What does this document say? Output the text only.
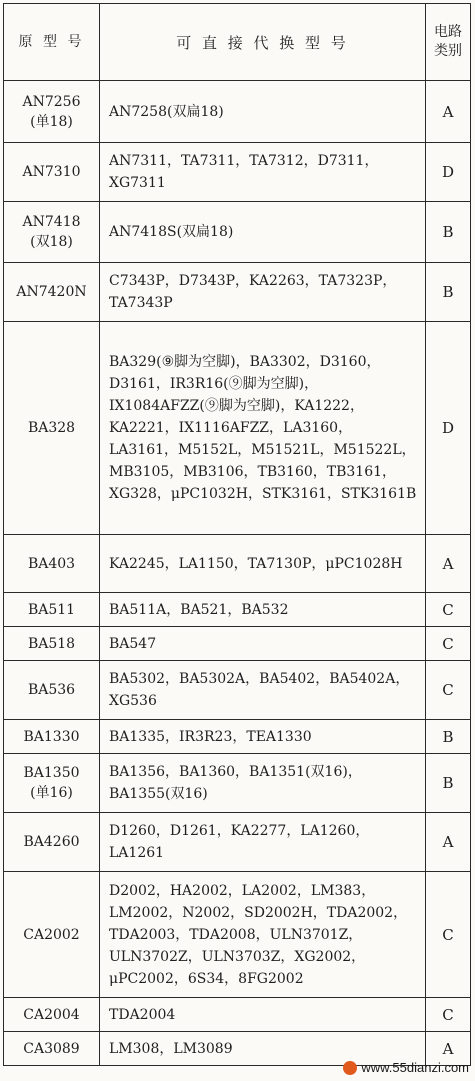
原 型 号	可 直 接 代 换 型 号	电路
类别

AN7256
(单18)	AN7258(双扁18)	A

AN7310	AN7311，TA7311，TA7312，D7311，XG7311	D

AN7418
(双18)	AN7418S(双扁18)	B

AN7420N	C7343P，D7343P，KA2263，TA7323P，TA7343P	B

BA328	BA329(⑨脚为空脚)，BA3302，D3160，D3161，IR3R16(⑨脚为空脚)，IX1084AFZZ(⑨脚为空脚)，KA1222，KA2221，IX1116AFZZ，LA3160，LA3161，M5152L，M51521L，M51522L，MB3105，MB3106，TB3160，TB3161，XG328，μPC1032H，STK3161，STK3161B	D

BA403	KA2245，LA1150，TA7130P，μPC1028H	A

BA511	BA511A，BA521，BA532	C

BA518	BA547	C

BA536	BA5302，BA5302A，BA5402，BA5402A，XG536	C

BA1330	BA1335，IR3R23，TEA1330	B

BA1350
(单16)	BA1356，BA1360，BA1351(双16)，BA1355(双16)	B

BA4260	D1260，D1261，KA2277，LA1260，LA1261	A

CA2002	D2002，HA2002，LA2002，LM383，LM2002，N2002，SD2002H，TDA2002，TDA2003，TDA2008，ULN3701Z，ULN3702Z，ULN3703Z，XG2002，μPC2002，6S34，8FG2002	C

CA2004	TDA2004	C

CA3089	LM308，LM3089	A
www.55dianzi.com
